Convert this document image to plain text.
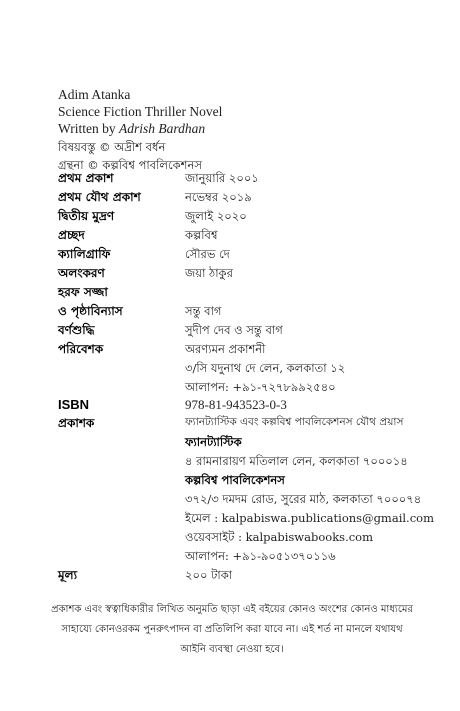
Adim Atanka
Science Fiction Thriller Novel
Written by Adrish Bardhan
বিষয়বস্তু © অদ্রীশ বর্ধন
গ্রন্থনা © কল্পবিশ্ব পাবলিকেশনস
প্রথম প্রকাশ	জানুয়ারি ২০০১
প্রথম যৌথ প্রকাশ	নভেম্বর ২০১৯
দ্বিতীয় মুদ্রণ	জুলাই ২০২০
প্রচ্ছদ	কল্পবিশ্ব
ক্যালিগ্রাফি	সৌরভ দে
অলংকরণ	জয়া ঠাকুর
হরফ সজ্জা
ও পৃষ্ঠাবিন্যাস	সন্তু বাগ
বর্ণশুদ্ধি	সুদীপ দেব ও সন্তু বাগ
পরিবেশক	অরণ্যমন প্রকাশনী
৩/সি যদুনাথ দে লেন, কলকাতা ১২
আলাপন: +৯১-৭২৭৮৯৯২৫৪০
ISBN	978-81-943523-0-3
প্রকাশক	ফ্যানট্যাস্টিক এবং কল্পবিশ্ব পাবলিকেশনস যৌথ প্রয়াস
ফ্যানট্যাস্টিক
৪ রামনারায়ণ মতিলাল লেন, কলকাতা ৭০০০১৪
কল্পবিশ্ব পাবলিকেশনস
৩৭২/৩ দমদম রোড, সুরের মাঠ, কলকাতা ৭০০০৭৪
ইমেল : kalpabiswa.publications@gmail.com
ওয়েবসাইট : kalpabiswabooks.com
আলাপন: +৯১-৯০৫১৩৭০১১৬
মূল্য	২০০ টাকা
প্রকাশক এবং স্বত্বাধিকারীর লিখিত অনুমতি ছাড়া এই বইয়ের কোনও অংশের কোনও মাধ্যমের
সাহায্যে কোনওরকম পুনরুৎপাদন বা প্রতিলিপি করা যাবে না। এই শর্ত না মানলে যথাযথ
আইনি ব্যবস্থা নেওয়া হবে।
